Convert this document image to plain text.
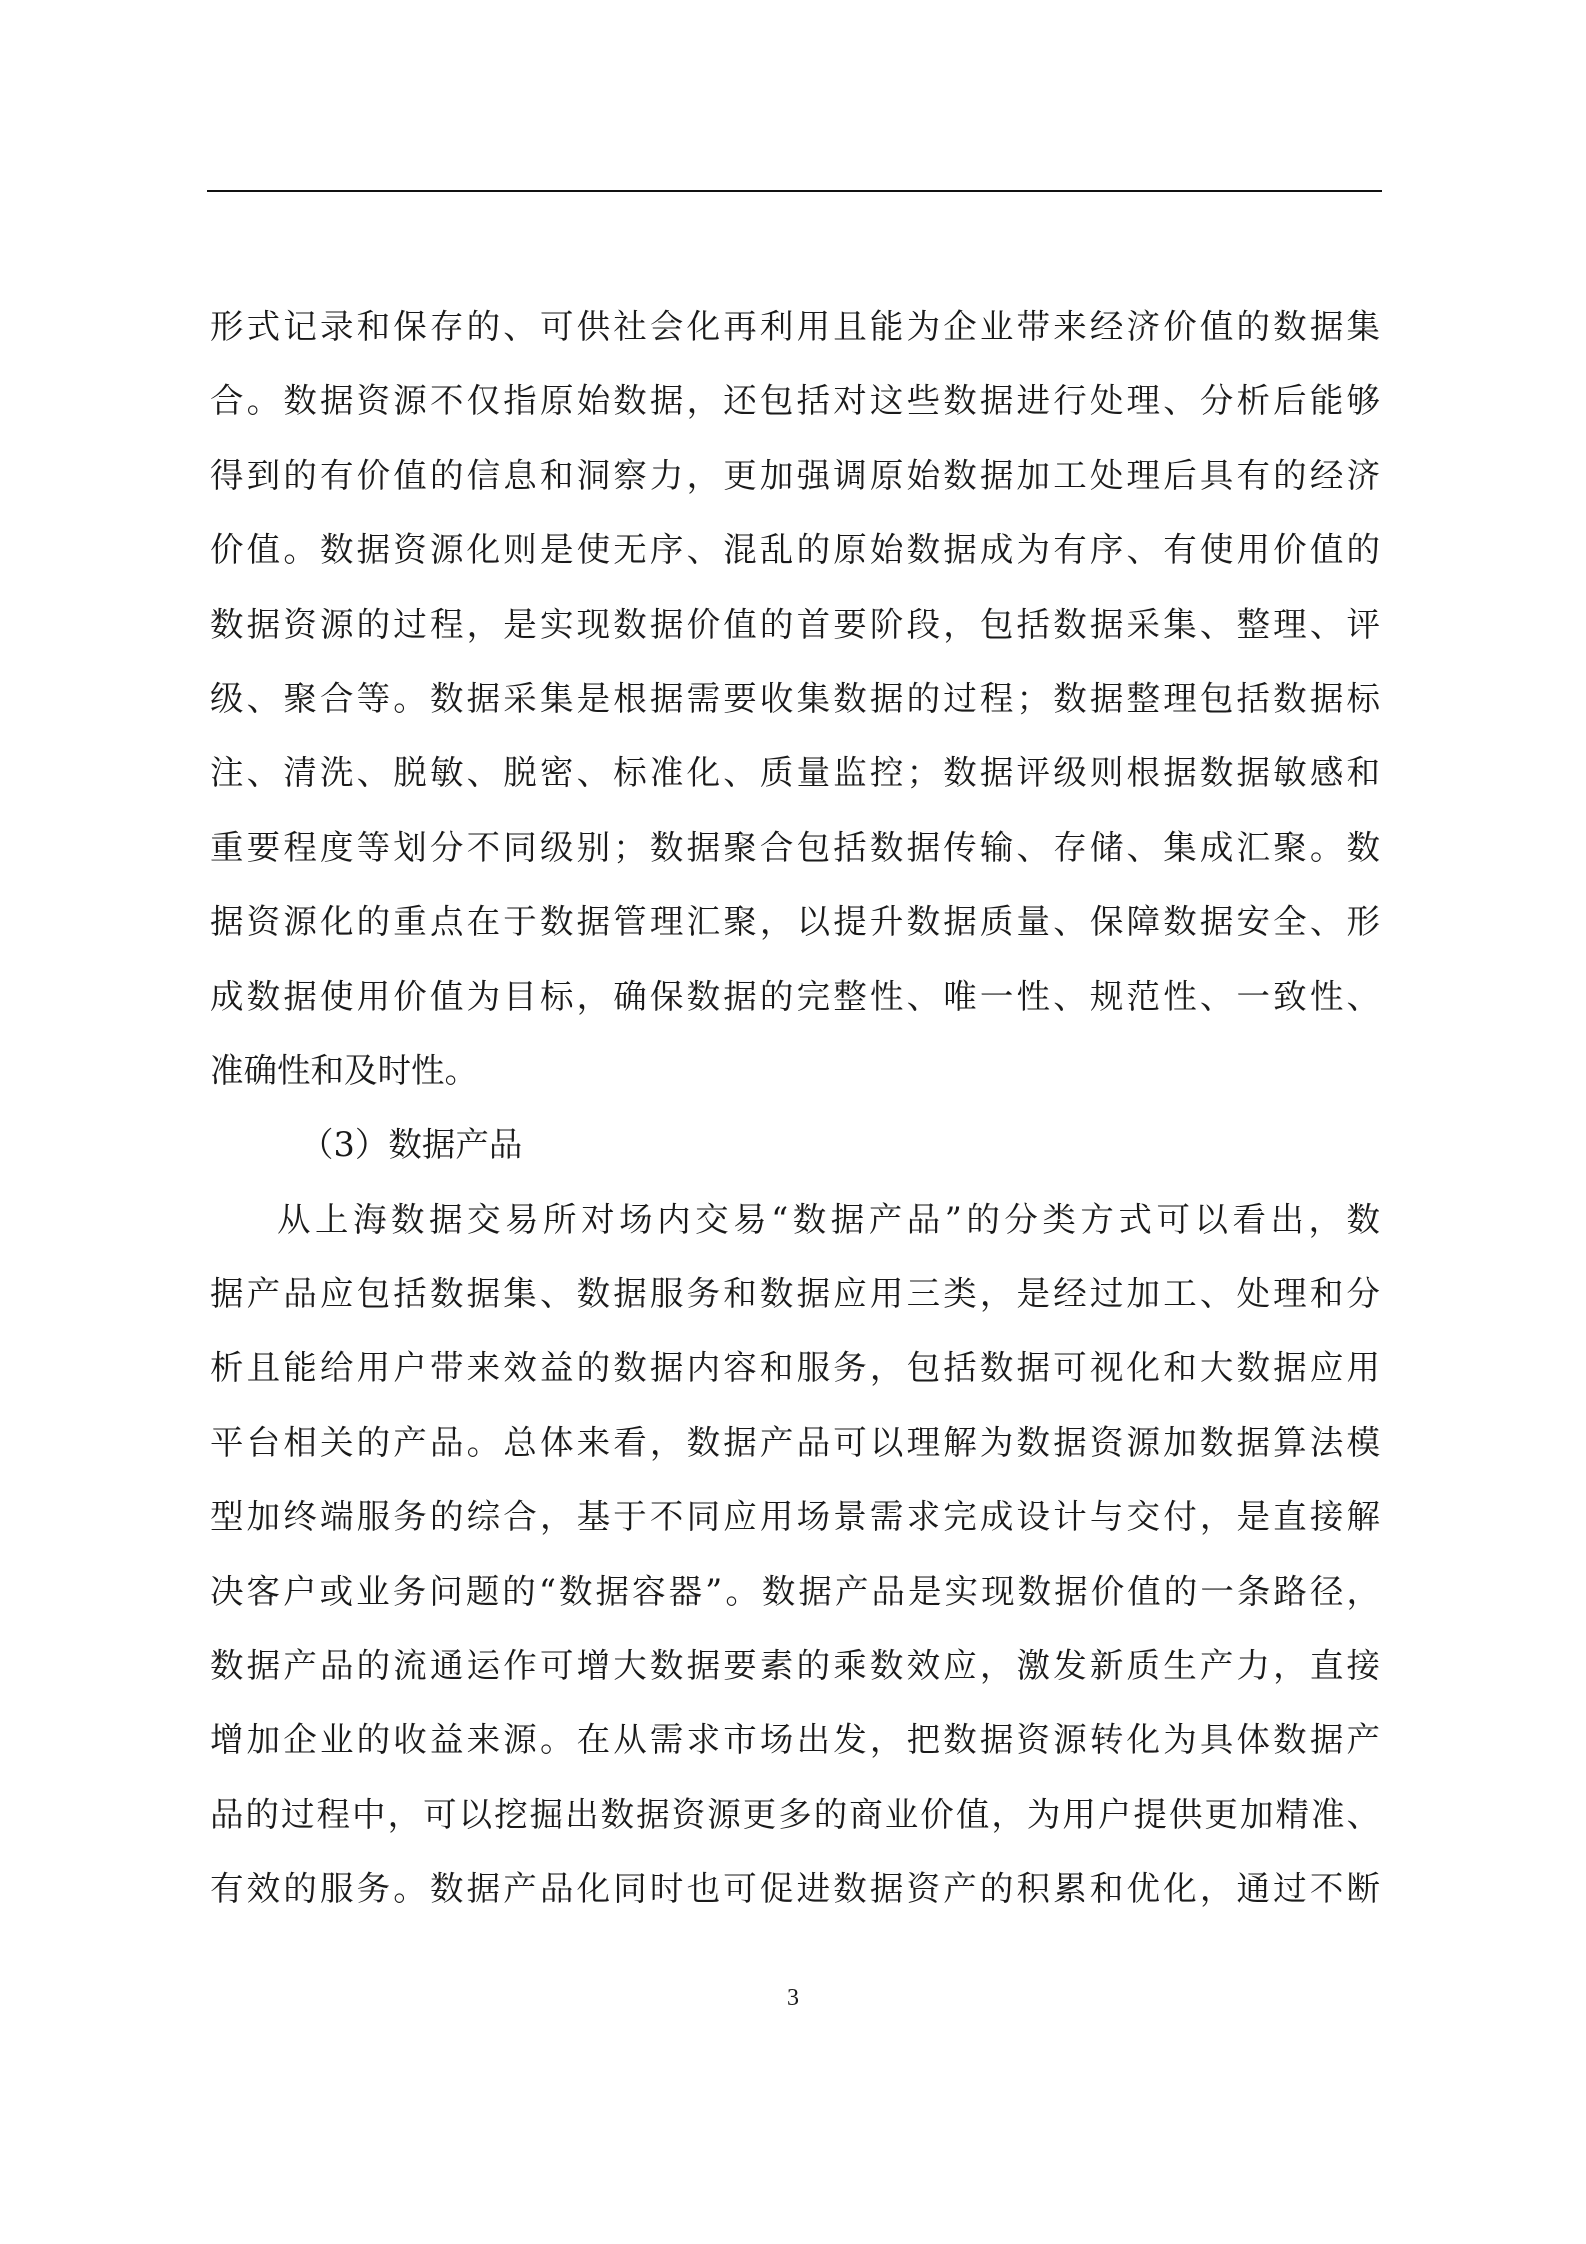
形式记录和保存的、可供社会化再利用且能为企业带来经济价值的数据集
合。数据资源不仅指原始数据，还包括对这些数据进行处理、分析后能够
得到的有价值的信息和洞察力，更加强调原始数据加工处理后具有的经济
价值。数据资源化则是使无序、混乱的原始数据成为有序、有使用价值的
数据资源的过程，是实现数据价值的首要阶段，包括数据采集、整理、评
级、聚合等。数据采集是根据需要收集数据的过程；数据整理包括数据标
注、清洗、脱敏、脱密、标准化、质量监控；数据评级则根据数据敏感和
重要程度等划分不同级别；数据聚合包括数据传输、存储、集成汇聚。数
据资源化的重点在于数据管理汇聚，以提升数据质量、保障数据安全、形
成数据使用价值为目标，确保数据的完整性、唯一性、规范性、一致性、
准确性和及时性。
（3）数据产品
从上海数据交易所对场内交易“数据产品”的分类方式可以看出，数
据产品应包括数据集、数据服务和数据应用三类，是经过加工、处理和分
析且能给用户带来效益的数据内容和服务，包括数据可视化和大数据应用
平台相关的产品。总体来看，数据产品可以理解为数据资源加数据算法模
型加终端服务的综合，基于不同应用场景需求完成设计与交付，是直接解
决客户或业务问题的“数据容器”。数据产品是实现数据价值的一条路径，
数据产品的流通运作可增大数据要素的乘数效应，激发新质生产力，直接
增加企业的收益来源。在从需求市场出发，把数据资源转化为具体数据产
品的过程中，可以挖掘出数据资源更多的商业价值，为用户提供更加精准、
有效的服务。数据产品化同时也可促进数据资产的积累和优化，通过不断
3
